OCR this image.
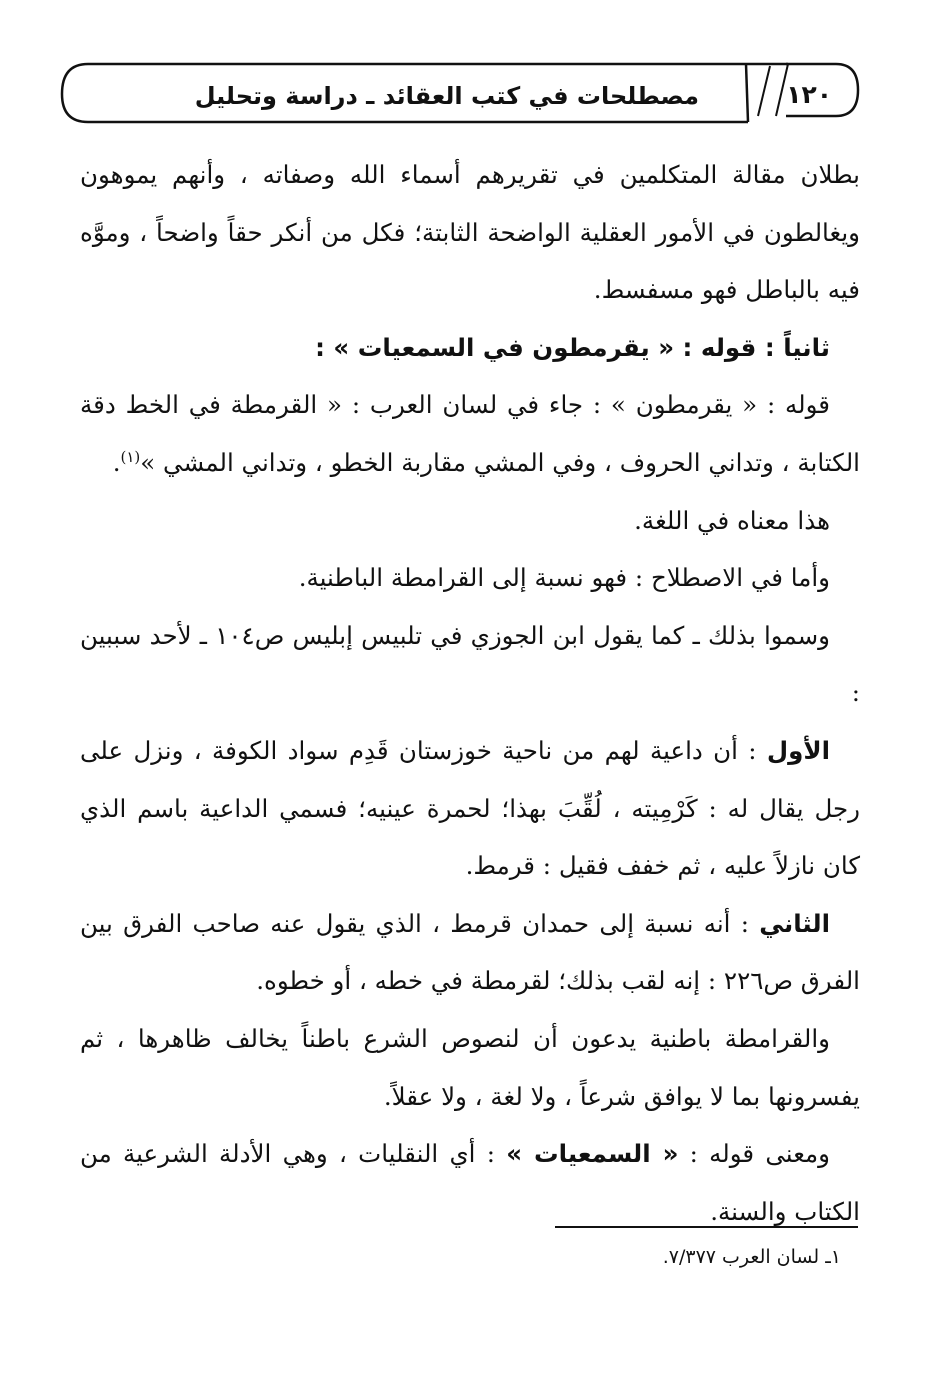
مصطلحات في كتب العقائد ـ دراسة وتحليل	١٢٠

بطلان مقالة المتكلمين في تقريرهم أسماء الله وصفاته ، وأنهم يموهون ويغالطون في الأمور العقلية الواضحة الثابتة؛ فكل من أنكر حقاً واضحاً ، وموَّه فيه بالباطل فهو مسفسط.

ثانياً : قوله : « يقرمطون في السمعيات » :

قوله : « يقرمطون » : جاء في لسان العرب : « القرمطة في الخط دقة الكتابة ، وتداني الحروف ، وفي المشي مقاربة الخطو ، وتداني المشي »$^{(١)}$.

هذا معناه في اللغة.

وأما في الاصطلاح : فهو نسبة إلى القرامطة الباطنية.

وسموا بذلك ـ كما يقول ابن الجوزي في تلبيس إبليس ص١٠٤ ـ لأحد سببين :

الأول : أن داعية لهم من ناحية خوزستان قَدِم سواد الكوفة ، ونزل على رجل يقال له : كَرْمِيته ، لُقِّبَ بهذا؛ لحمرة عينيه؛ فسمي الداعية باسم الذي كان نازلاً عليه ، ثم خفف فقيل : قرمط.

الثاني : أنه نسبة إلى حمدان قرمط ، الذي يقول عنه صاحب الفرق بين الفرق ص٢٢٦ : إنه لقب بذلك؛ لقرمطة في خطه ، أو خطوه.

والقرامطة باطنية يدعون أن لنصوص الشرع باطناً يخالف ظاهرها ، ثم يفسرونها بما لا يوافق شرعاً ، ولا لغة ، ولا عقلاً.

ومعنى قوله : « السمعيات » : أي النقليات ، وهي الأدلة الشرعية من الكتاب والسنة.

١ـ لسان العرب ٧/٣٧٧.
